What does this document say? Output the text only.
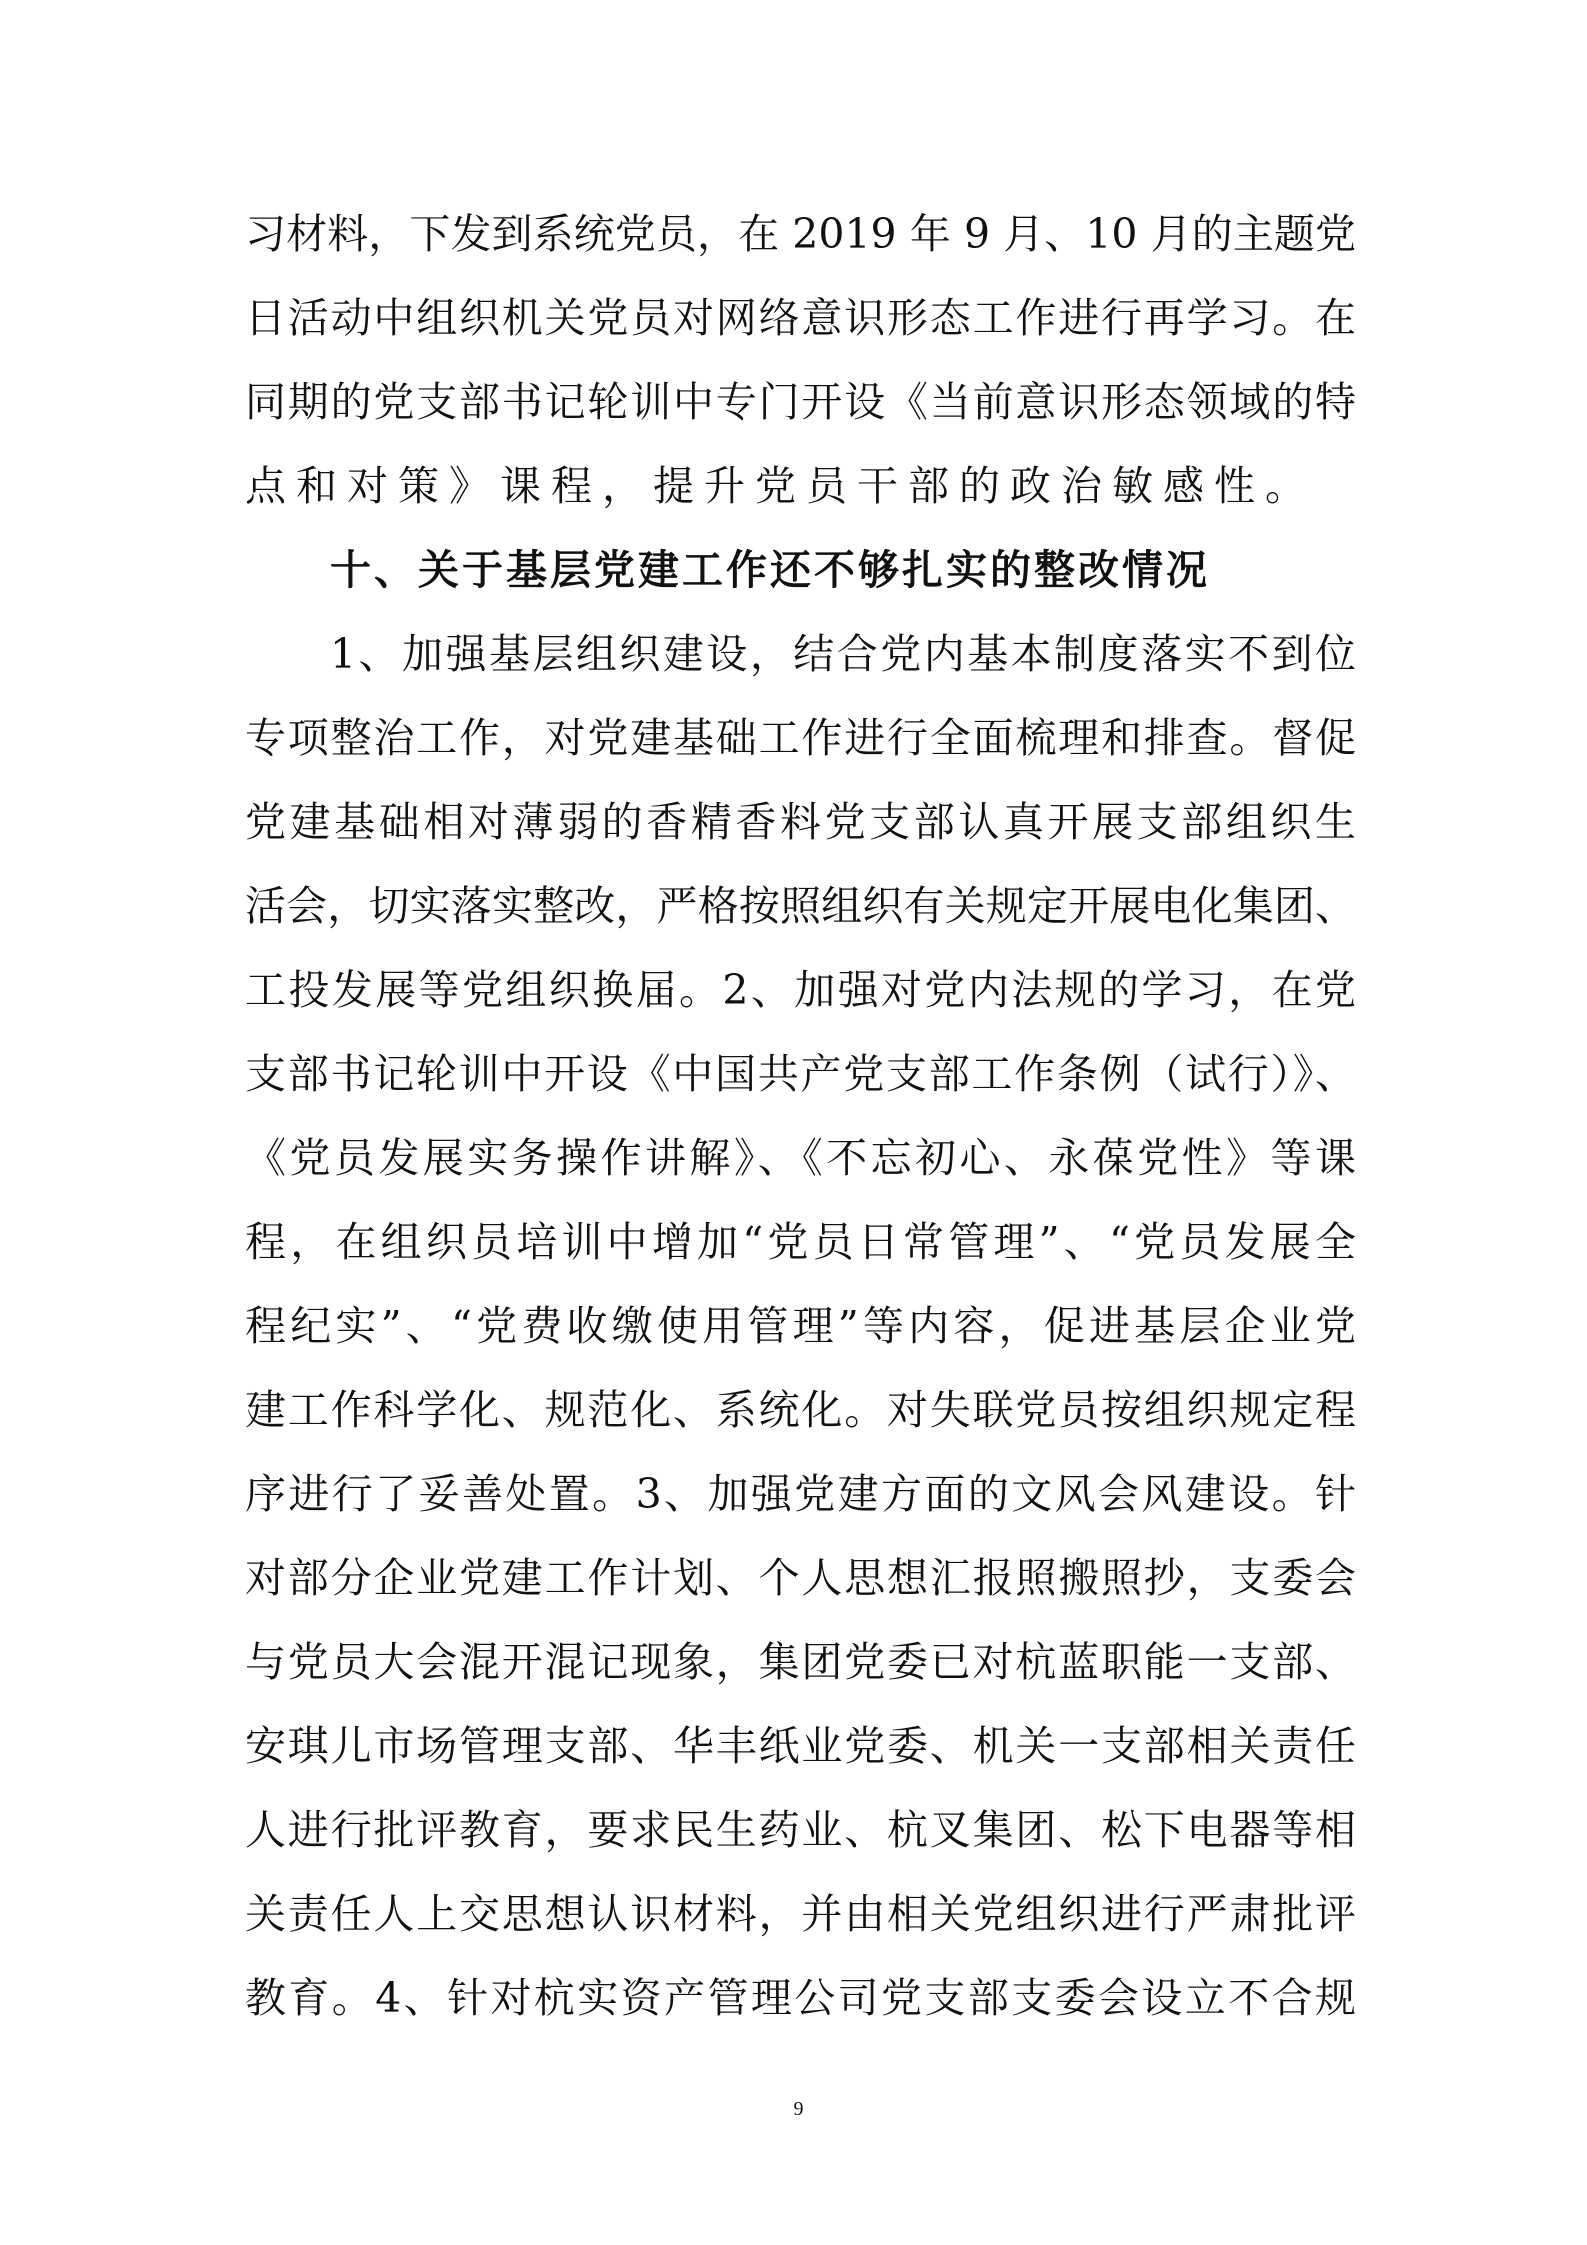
习材料，下发到系统党员，在 2019 年 9 月、10 月的主题党
日活动中组织机关党员对网络意识形态工作进行再学习。在
同期的党支部书记轮训中专门开设《当前意识形态领域的特
点和对策》课程，提升党员干部的政治敏感性。
十、关于基层党建工作还不够扎实的整改情况
1、加强基层组织建设，结合党内基本制度落实不到位
专项整治工作，对党建基础工作进行全面梳理和排查。督促
党建基础相对薄弱的香精香料党支部认真开展支部组织生
活会，切实落实整改，严格按照组织有关规定开展电化集团、
工投发展等党组织换届。2、加强对党内法规的学习，在党
支部书记轮训中开设《中国共产党支部工作条例（试行）》、
《党员发展实务操作讲解》、《不忘初心、永葆党性》等课
程，在组织员培训中增加“党员日常管理”、“党员发展全
程纪实”、“党费收缴使用管理”等内容，促进基层企业党
建工作科学化、规范化、系统化。对失联党员按组织规定程
序进行了妥善处置。3、加强党建方面的文风会风建设。针
对部分企业党建工作计划、个人思想汇报照搬照抄，支委会
与党员大会混开混记现象，集团党委已对杭蓝职能一支部、
安琪儿市场管理支部、华丰纸业党委、机关一支部相关责任
人进行批评教育，要求民生药业、杭叉集团、松下电器等相
关责任人上交思想认识材料，并由相关党组织进行严肃批评
教育。4、针对杭实资产管理公司党支部支委会设立不合规
9
